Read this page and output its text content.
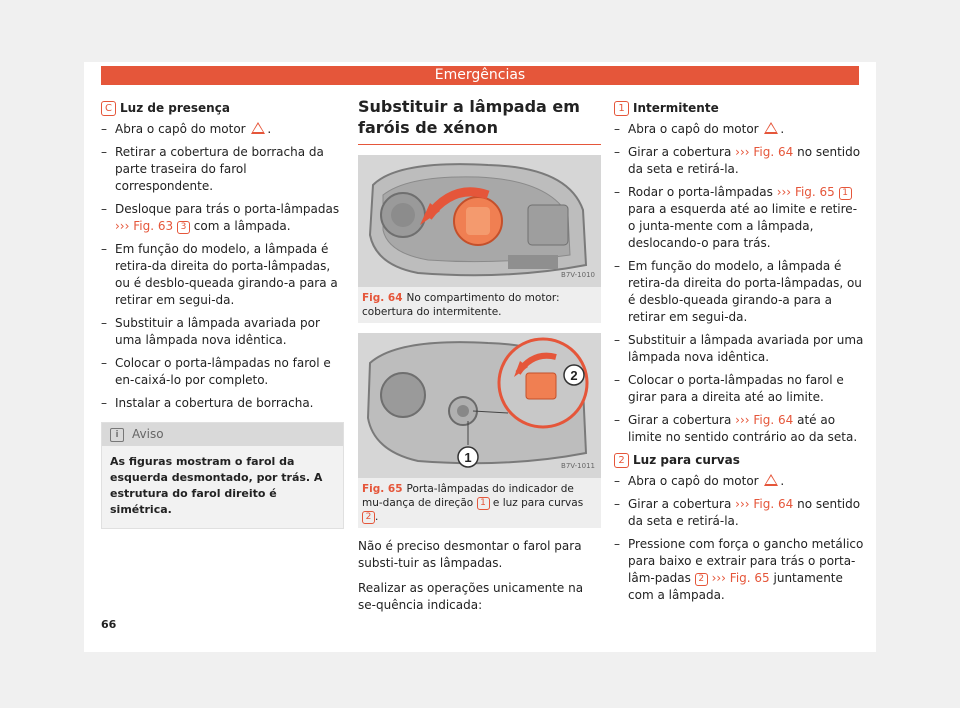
Emergências
C Luz de presença
– Abra o capô do motor .
– Retirar a cobertura de borracha da parte traseira do farol correspondente.
– Desloque para trás o porta-lâmpadas
››› Fig. 63 3 com a lâmpada.
– Em função do modelo, a lâmpada é retira-da direita do porta-lâmpadas, ou é desblo-queada girando-a para a retirar em segui-da.
– Substituir a lâmpada avariada por uma lâmpada nova idêntica.
– Colocar o porta-lâmpadas no farol e en-caixá-lo por completo.
– Instalar a cobertura de borracha.
i	Aviso
As figuras mostram o farol da esquerda desmontado, por trás. A estrutura do farol direito é simétrica.
Substituir a lâmpada em faróis de xénon
B7V-1010
Fig. 64 No compartimento do motor: cobertura do intermitente.
1
2
B7V-1011
Fig. 65 Porta-lâmpadas do indicador de mu-dança de direção 1 e luz para curvas 2 .

Não é preciso desmontar o farol para substi-tuir as lâmpadas.

Realizar as operações unicamente na se-quência indicada:

1 Intermitente
– Abra o capô do motor .
– Girar a cobertura ››› Fig. 64 no sentido da seta e retirá-la.
– Rodar o porta-lâmpadas ››› Fig. 65 1 para a esquerda até ao limite e retire-o junta-mente com a lâmpada, deslocando-o para trás.
– Em função do modelo, a lâmpada é retira-da direita do porta-lâmpadas, ou é desblo-queada girando-a para a retirar em segui-da.
– Substituir a lâmpada avariada por uma lâmpada nova idêntica.
– Colocar o porta-lâmpadas no farol e girar para a direita até ao limite.
– Girar a cobertura ››› Fig. 64 até ao limite no sentido contrário ao da seta.
2 Luz para curvas
– Abra o capô do motor .
– Girar a cobertura ››› Fig. 64 no sentido da seta e retirá-la.
– Pressione com força o gancho metálico para baixo e extrair para trás o porta-lâm-padas 2 ››› Fig. 65 juntamente com a lâmpada.
66
